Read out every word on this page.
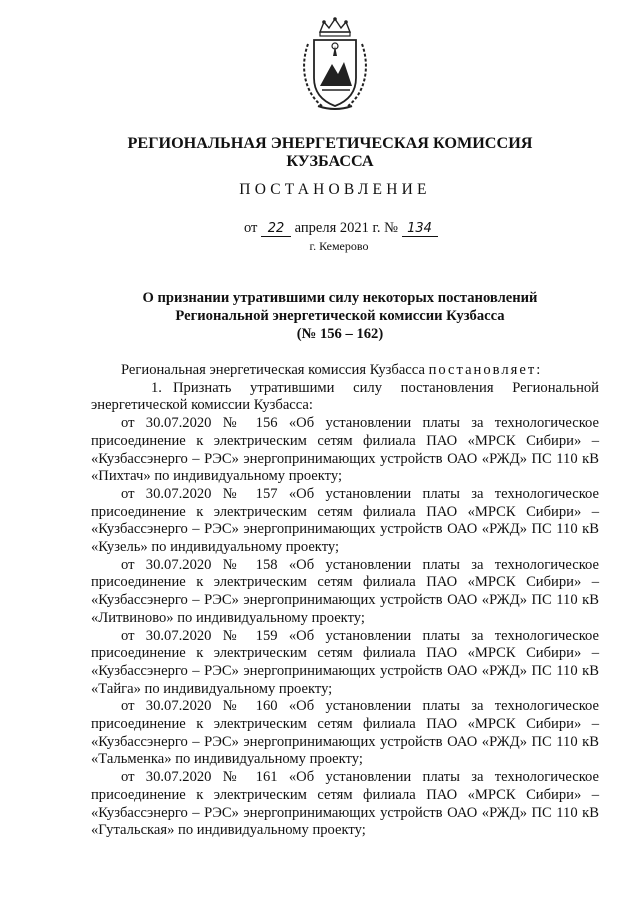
РЕГИОНАЛЬНАЯ ЭНЕРГЕТИЧЕСКАЯ КОМИССИЯ
КУЗБАССА
ПОСТАНОВЛЕНИЕ
от 22 апреля 2021 г. № 134
г. Кемерово
О признании утратившими силу некоторых постановлений
Региональной энергетической комиссии Кузбасса
(№ 156 – 162)

Региональная энергетическая комиссия Кузбасса постановляет:

1. Признать утратившими силу постановления Региональной энергетической комиссии Кузбасса:

от 30.07.2020 № 156 «Об установлении платы за технологическое присоединение к электрическим сетям филиала ПАО «МРСК Сибири» – «Кузбассэнерго – РЭС» энергопринимающих устройств ОАО «РЖД» ПС 110 кВ «Пихтач» по индивидуальному проекту;

от 30.07.2020 № 157 «Об установлении платы за технологическое присоединение к электрическим сетям филиала ПАО «МРСК Сибири» – «Кузбассэнерго – РЭС» энергопринимающих устройств ОАО «РЖД» ПС 110 кВ «Кузель» по индивидуальному проекту;

от 30.07.2020 № 158 «Об установлении платы за технологическое присоединение к электрическим сетям филиала ПАО «МРСК Сибири» – «Кузбассэнерго – РЭС» энергопринимающих устройств ОАО «РЖД» ПС 110 кВ «Литвиново» по индивидуальному проекту;

от 30.07.2020 № 159 «Об установлении платы за технологическое присоединение к электрическим сетям филиала ПАО «МРСК Сибири» – «Кузбассэнерго – РЭС» энергопринимающих устройств ОАО «РЖД» ПС 110 кВ «Тайга» по индивидуальному проекту;

от 30.07.2020 № 160 «Об установлении платы за технологическое присоединение к электрическим сетям филиала ПАО «МРСК Сибири» – «Кузбассэнерго – РЭС» энергопринимающих устройств ОАО «РЖД» ПС 110 кВ «Тальменка» по индивидуальному проекту;

от 30.07.2020 № 161 «Об установлении платы за технологическое присоединение к электрическим сетям филиала ПАО «МРСК Сибири» – «Кузбассэнерго – РЭС» энергопринимающих устройств ОАО «РЖД» ПС 110 кВ «Гутальская» по индивидуальному проекту;
